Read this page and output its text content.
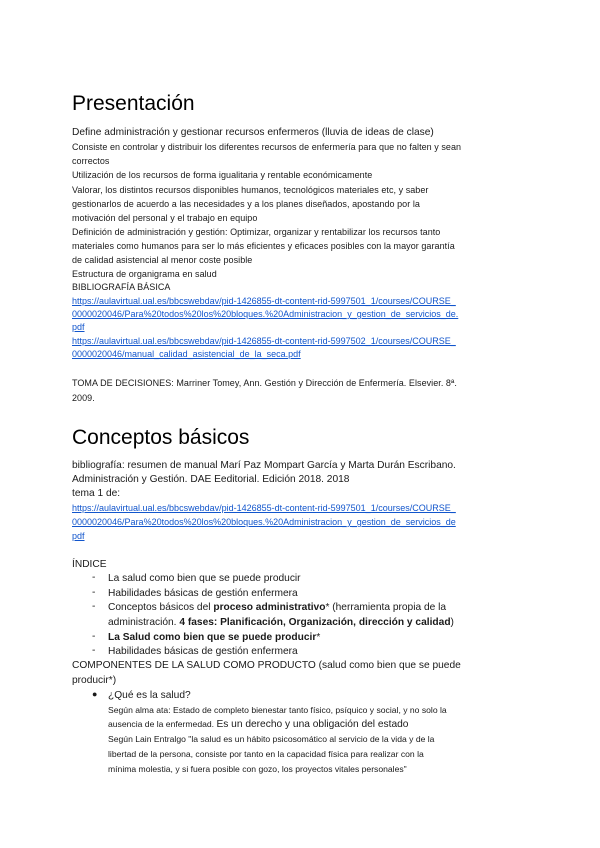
Presentación
Define administración y gestionar recursos enfermeros (lluvia de ideas de clase)
Consiste en controlar y distribuir los diferentes recursos de enfermería para que no falten y sean
correctos
Utilización de los recursos de forma igualitaria y rentable económicamente
Valorar, los distintos recursos disponibles humanos, tecnológicos materiales etc, y saber
gestionarlos de acuerdo a las necesidades y a los planes diseñados, apostando por la
motivación del personal y el trabajo en equipo
Definición de administración y gestión: Optimizar, organizar y rentabilizar los recursos tanto
materiales como humanos para ser lo más eficientes y eficaces posibles con la mayor garantía
de calidad asistencial al menor coste posible
Estructura de organigrama en salud
BIBLIOGRAFÍA BÁSICA
https://aulavirtual.ual.es/bbcswebdav/pid-1426855-dt-content-rid-5997501_1/courses/COURSE_
0000020046/Para%20todos%20los%20bloques.%20Administracion_y_gestion_de_servicios_de.
pdf
https://aulavirtual.ual.es/bbcswebdav/pid-1426855-dt-content-rid-5997502_1/courses/COURSE_
0000020046/manual_calidad_asistencial_de_la_seca.pdf
TOMA DE DECISIONES: Marriner Tomey, Ann. Gestión y Dirección de Enfermería. Elsevier. 8ª.
2009.
Conceptos básicos
bibliografía: resumen de manual Marí Paz Mompart García y Marta Durán Escribano.
Administración y Gestión. DAE Eeditorial. Edición 2018. 2018
tema 1 de:
https://aulavirtual.ual.es/bbcswebdav/pid-1426855-dt-content-rid-5997501_1/courses/COURSE_
0000020046/Para%20todos%20los%20bloques.%20Administracion_y_gestion_de_servicios_de
pdf
ÍNDICE
- La salud como bien que se puede producir
- Habilidades básicas de gestión enfermera
- Conceptos básicos del proceso administrativo* (herramienta propia de la
administración. 4 fases: Planificación, Organización, dirección y calidad)
- La Salud como bien que se puede producir*
- Habilidades básicas de gestión enfermera
COMPONENTES DE LA SALUD COMO PRODUCTO (salud como bien que se puede
producir*)
● ¿Qué es la salud?
Según alma ata: Estado de completo bienestar tanto físico, psíquico y social, y no solo la
ausencia de la enfermedad. Es un derecho y una obligación del estado
Según Lain Entralgo "la salud es un hábito psicosomático al servicio de la vida y de la
libertad de la persona, consiste por tanto en la capacidad física para realizar con la
mínima molestia, y si fuera posible con gozo, los proyectos vitales personales"
